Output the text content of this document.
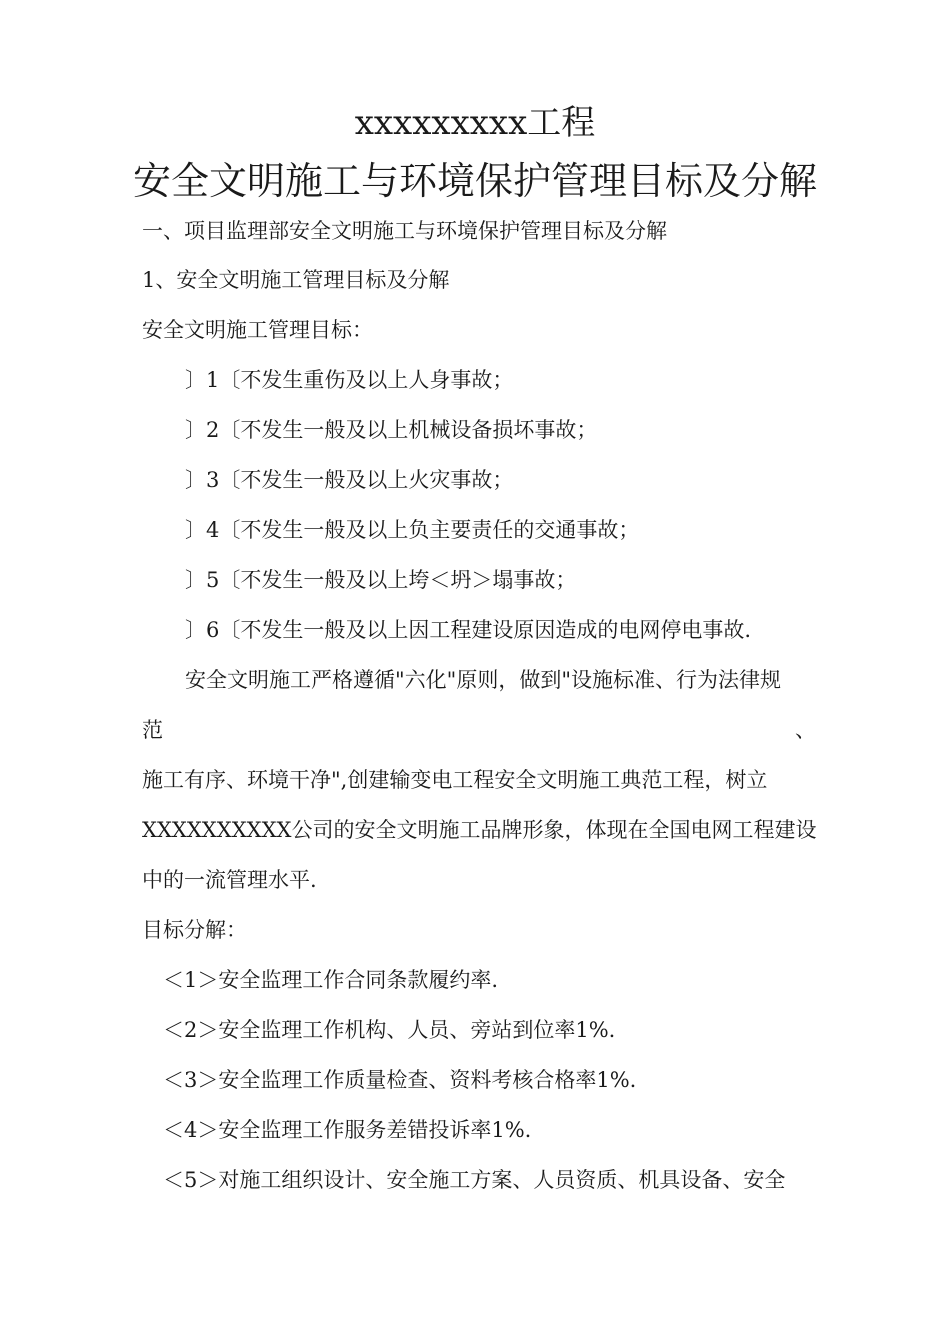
xxxxxxxxx工程
安全文明施工与环境保护管理目标及分解
一、项目监理部安全文明施工与环境保护管理目标及分解
1、安全文明施工管理目标及分解
安全文明施工管理目标：
〕1〔不发生重伤及以上人身事故；
〕2〔不发生一般及以上机械设备损坏事故；
〕3〔不发生一般及以上火灾事故；
〕4〔不发生一般及以上负主要责任的交通事故；
〕5〔不发生一般及以上垮＜坍＞塌事故；
〕6〔不发生一般及以上因工程建设原因造成的电网停电事故.
安全文明施工严格遵循"六化"原则，做到"设施标准、行为法律规
范	、
施工有序、环境干净",创建输变电工程安全文明施工典范工程，树立
XXXXXXXXXX公司的安全文明施工品牌形象，体现在全国电网工程建设
中的一流管理水平.
目标分解：
＜1＞安全监理工作合同条款履约率.
＜2＞安全监理工作机构、人员、旁站到位率1%.
＜3＞安全监理工作质量检查、资料考核合格率1%.
＜4＞安全监理工作服务差错投诉率1%.
＜5＞对施工组织设计、安全施工方案、人员资质、机具设备、安全
